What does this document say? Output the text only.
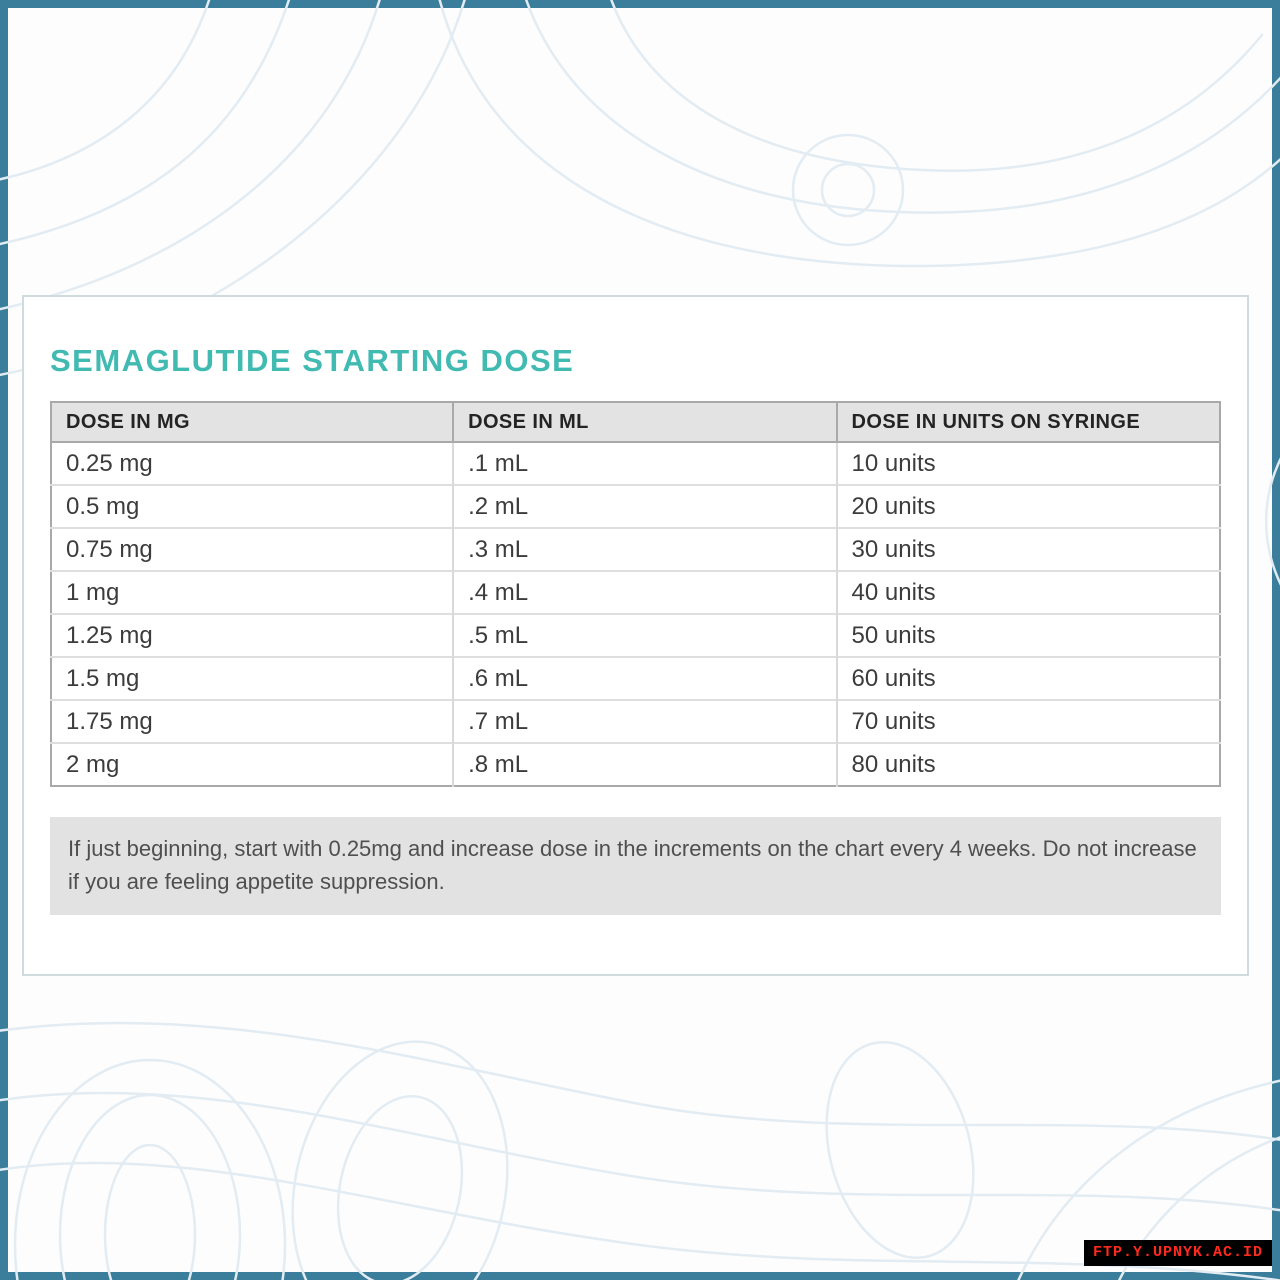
SEMAGLUTIDE STARTING DOSE
DOSE IN MG	DOSE IN ML	DOSE IN UNITS ON SYRINGE
0.25 mg	.1 mL	10 units
0.5 mg	.2 mL	20 units
0.75 mg	.3 mL	30 units
1 mg	.4 mL	40 units
1.25 mg	.5 mL	50 units
1.5 mg	.6 mL	60 units
1.75 mg	.7 mL	70 units
2 mg	.8 mL	80 units
If just beginning, start with 0.25mg and increase dose in the increments on the chart every 4 weeks. Do not increase if you are feeling appetite suppression.
FTP.Y.UPNYK.AC.ID
